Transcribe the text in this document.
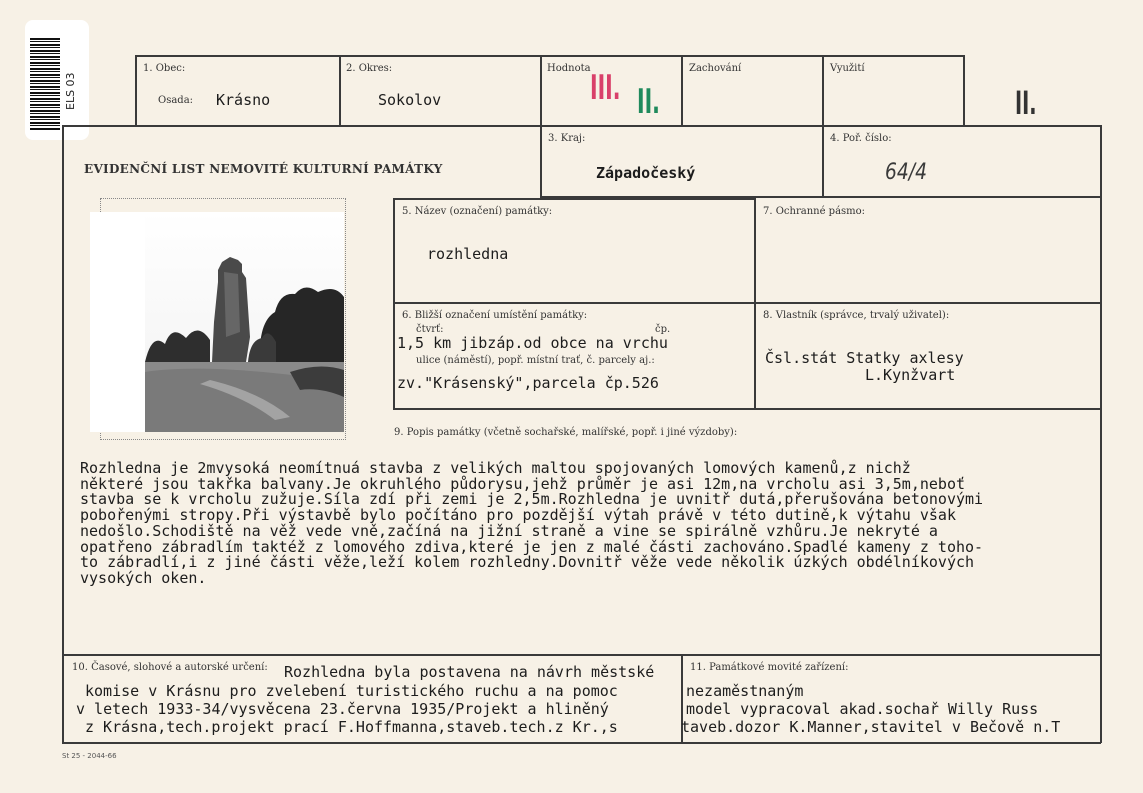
ELS 03
1. Obec:
Osada: Krásno
2. Okres:
Sokolov
Hodnota III. II.
Zachování	Využití
II.
EVIDENČNÍ LIST NEMOVITÉ KULTURNÍ PAMÁTKY
3. Kraj:
Západočeský
4. Poř. číslo:
64/4
5. Název (označení) památky:
rozhledna
7. Ochranné pásmo:
6. Bližší označení umístění památky:
čtvrť:	čp.
1,5 km jibzáp.od obce na vrchu
ulice (náměstí), popř. místní trať, č. parcely aj.:
zv."Krásenský",parcela čp.526
8. Vlastník (správce, trvalý uživatel):
Čsl.stát Statky axlesy
L.Kynžvart
9. Popis památky (včetně sochařské, malířské, popř. i jiné výzdoby):
Rozhledna je 2mvysoká neomítnuá stavba z velikých maltou spojovaných lomových kamenů,z nichž
některé jsou takřka balvany.Je okruhlého půdorysu,jehž průměr je asi 12m,na vrcholu asi 3,5m,neboť
stavba se k vrcholu zužuje.Síla zdí při zemi je 2,5m.Rozhledna je uvnitř dutá,přerušována betonovými
pobořenými stropy.Při výstavbě bylo počítáno pro pozdější výtah právě v této dutině,k výtahu však
nedošlo.Schodiště na věž vede vně,začíná na jižní straně a vine se spirálně vzhůru.Je nekryté a
opatřeno zábradlím taktéž z lomového zdiva,které je jen z malé části zachováno.Spadlé kameny z toho-
to zábradlí,i z jiné části věže,leží kolem rozhledny.Dovnitř věže vede několik úzkých obdélníkových
vysokých oken.
10. Časové, slohové a autorské určení: Rozhledna byla postavena na návrh městské
komise v Krásnu pro zvelebení turistického ruchu a na pomoc
v letech 1933-34/vysvěcena 23.června 1935/Projekt a hliněný
z Krásna,tech.projekt prací F.Hoffmanna,staveb.tech.z Kr.,s
11. Památkové movité zařízení:
nezaměstnaným
model vypracoval akad.sochař Willy Russ
taveb.dozor K.Manner,stavitel v Bečově n.T
St 25 - 2044-66
